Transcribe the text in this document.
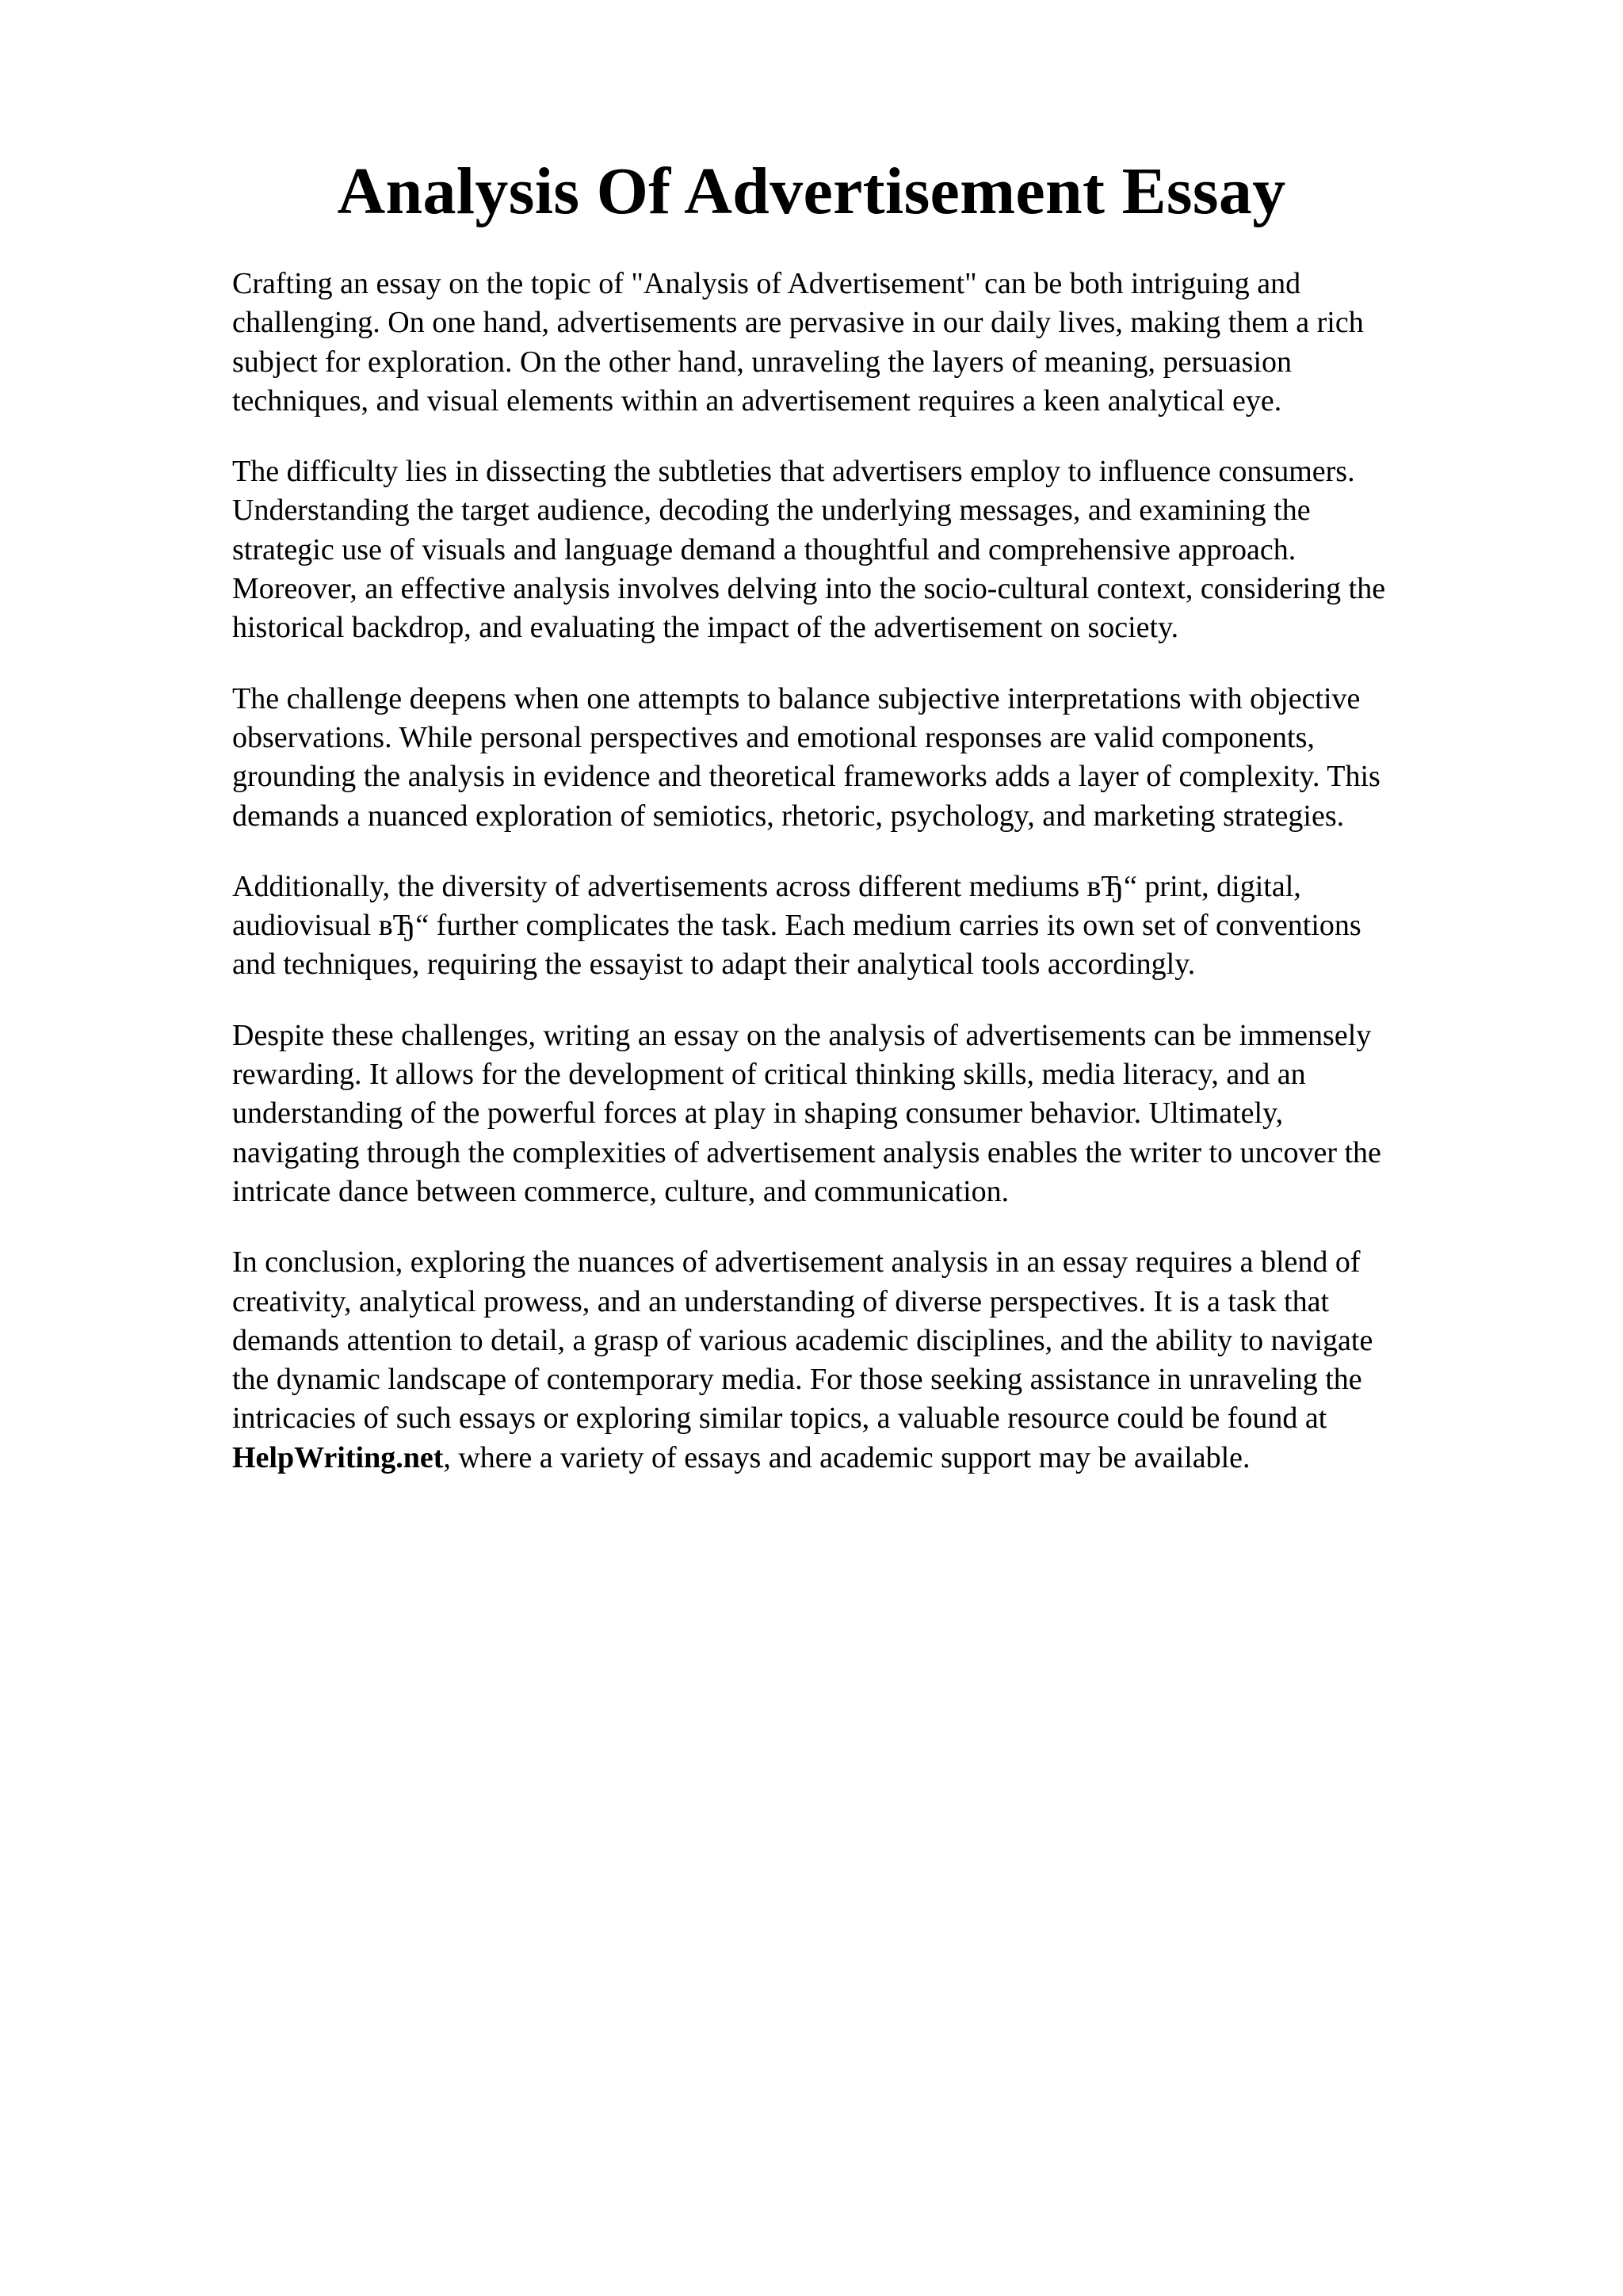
Analysis Of Advertisement Essay

Crafting an essay on the topic of "Analysis of Advertisement" can be both intriguing and
challenging. On one hand, advertisements are pervasive in our daily lives, making them a rich
subject for exploration. On the other hand, unraveling the layers of meaning, persuasion
techniques, and visual elements within an advertisement requires a keen analytical eye.

The difficulty lies in dissecting the subtleties that advertisers employ to influence consumers.
Understanding the target audience, decoding the underlying messages, and examining the
strategic use of visuals and language demand a thoughtful and comprehensive approach.
Moreover, an effective analysis involves delving into the socio-cultural context, considering the
historical backdrop, and evaluating the impact of the advertisement on society.

The challenge deepens when one attempts to balance subjective interpretations with objective
observations. While personal perspectives and emotional responses are valid components,
grounding the analysis in evidence and theoretical frameworks adds a layer of complexity. This
demands a nuanced exploration of semiotics, rhetoric, psychology, and marketing strategies.

Additionally, the diversity of advertisements across different mediums вЂ“ print, digital,
audiovisual вЂ“ further complicates the task. Each medium carries its own set of conventions
and techniques, requiring the essayist to adapt their analytical tools accordingly.

Despite these challenges, writing an essay on the analysis of advertisements can be immensely
rewarding. It allows for the development of critical thinking skills, media literacy, and an
understanding of the powerful forces at play in shaping consumer behavior. Ultimately,
navigating through the complexities of advertisement analysis enables the writer to uncover the
intricate dance between commerce, culture, and communication.

In conclusion, exploring the nuances of advertisement analysis in an essay requires a blend of
creativity, analytical prowess, and an understanding of diverse perspectives. It is a task that
demands attention to detail, a grasp of various academic disciplines, and the ability to navigate
the dynamic landscape of contemporary media. For those seeking assistance in unraveling the
intricacies of such essays or exploring similar topics, a valuable resource could be found at
HelpWriting.net, where a variety of essays and academic support may be available.
